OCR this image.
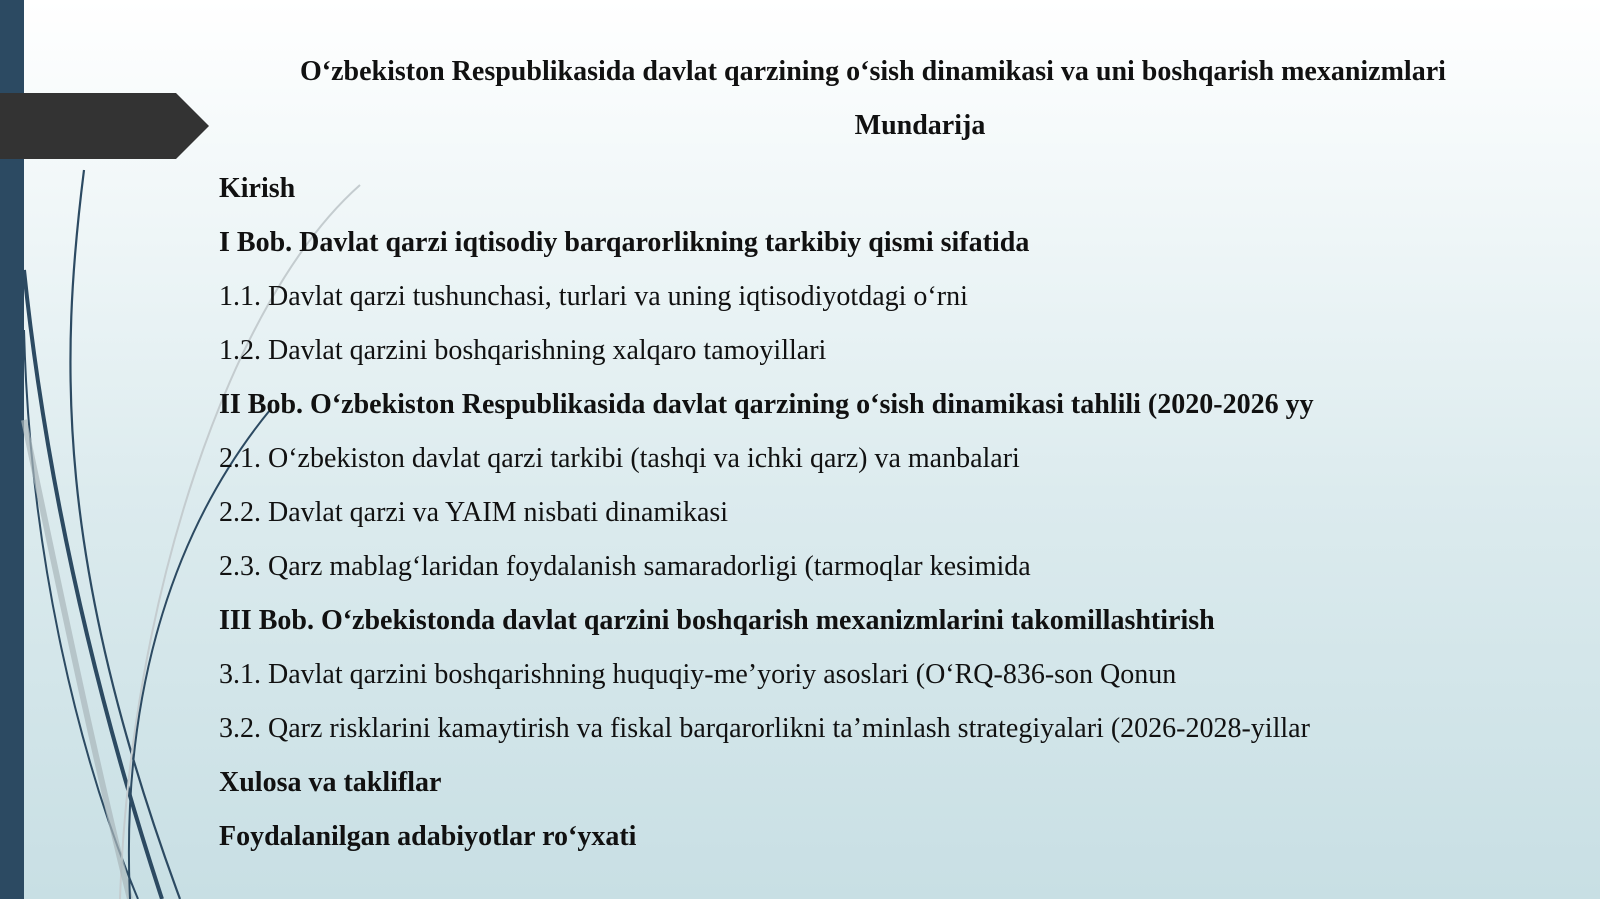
O‘zbekiston Respublikasida davlat qarzining o‘sish dinamikasi va uni boshqarish mexanizmlari
Mundarija
Kirish
I Bob. Davlat qarzi iqtisodiy barqarorlikning tarkibiy qismi sifatida
1.1. Davlat qarzi tushunchasi, turlari va uning iqtisodiyotdagi o‘rni
1.2. Davlat qarzini boshqarishning xalqaro tamoyillari
II Bob. O‘zbekiston Respublikasida davlat qarzining o‘sish dinamikasi tahlili (2020-2026 yy
2.1. O‘zbekiston davlat qarzi tarkibi (tashqi va ichki qarz) va manbalari
2.2. Davlat qarzi va YAIM nisbati dinamikasi
2.3. Qarz mablag‘laridan foydalanish samaradorligi (tarmoqlar kesimida
III Bob. O‘zbekistonda davlat qarzini boshqarish mexanizmlarini takomillashtirish
3.1. Davlat qarzini boshqarishning huquqiy-me’yoriy asoslari (O‘RQ-836-son Qonun
3.2. Qarz risklarini kamaytirish va fiskal barqarorlikni ta’minlash strategiyalari (2026-2028-yillar
Xulosa va takliflar
Foydalanilgan adabiyotlar ro‘yxati
